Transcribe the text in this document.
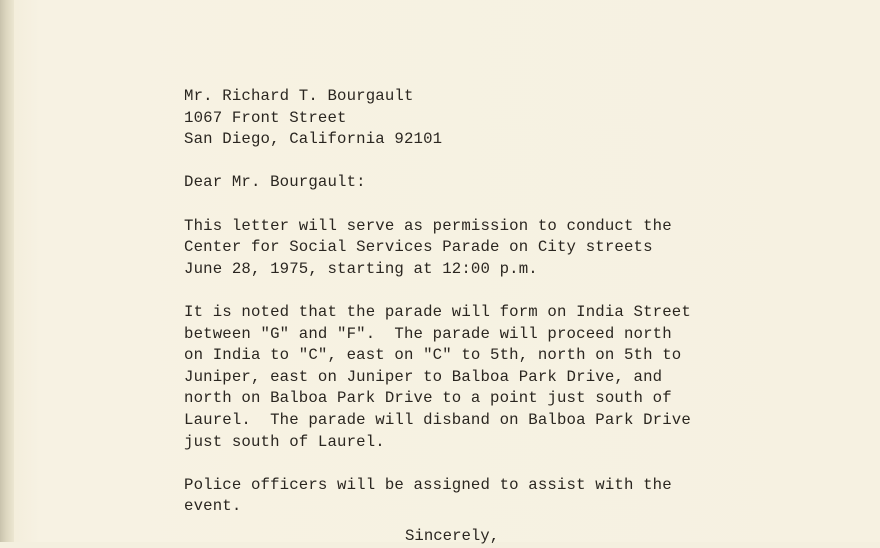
Mr. Richard T. Bourgault
1067 Front Street
San Diego, California 92101
Dear Mr. Bourgault:
This letter will serve as permission to conduct the
Center for Social Services Parade on City streets
June 28, 1975, starting at 12:00 p.m.
It is noted that the parade will form on India Street
between "G" and "F".  The parade will proceed north
on India to "C", east on "C" to 5th, north on 5th to
Juniper, east on Juniper to Balboa Park Drive, and
north on Balboa Park Drive to a point just south of
Laurel.  The parade will disband on Balboa Park Drive
just south of Laurel.
Police officers will be assigned to assist with the
event.
Sincerely,
